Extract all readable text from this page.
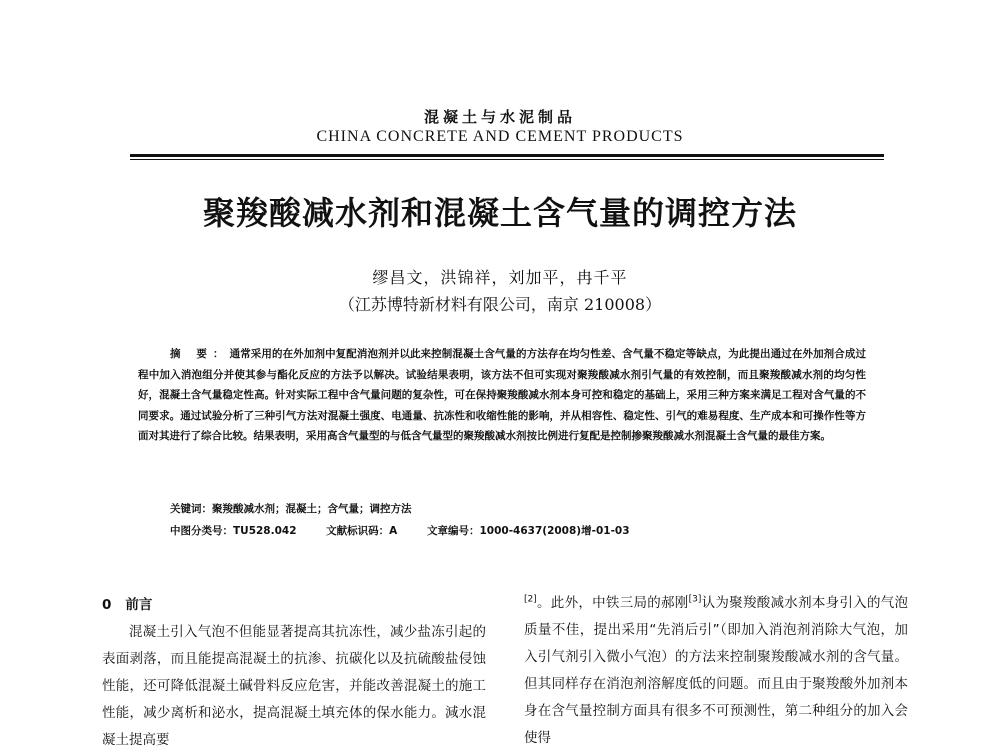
混凝土与水泥制品
CHINA CONCRETE AND CEMENT PRODUCTS
聚羧酸减水剂和混凝土含气量的调控方法
缪昌文，洪锦祥，刘加平，冉千平
（江苏博特新材料有限公司，南京 210008）
摘 要：通常采用的在外加剂中复配消泡剂并以此来控制混凝土含气量的方法存在均匀性差、含气量不稳定等缺点，为此提出通过在外加剂合成过程中加入消泡组分并使其参与酯化反应的方法予以解决。试验结果表明，该方法不但可实现对聚羧酸减水剂引气量的有效控制，而且聚羧酸减水剂的均匀性好，混凝土含气量稳定性高。针对实际工程中含气量问题的复杂性，可在保持聚羧酸减水剂本身可控和稳定的基础上，采用三种方案来满足工程对含气量的不同要求。通过试验分析了三种引气方法对混凝土强度、电通量、抗冻性和收缩性能的影响，并从相容性、稳定性、引气的难易程度、生产成本和可操作性等方面对其进行了综合比较。结果表明，采用高含气量型的与低含气量型的聚羧酸减水剂按比例进行复配是控制掺聚羧酸减水剂混凝土含气量的最佳方案。
关键词：聚羧酸减水剂；混凝土；含气量；调控方法
中图分类号：TU528.042	文献标识码：A	文章编号：1000-4637(2008)增-01-03
0 前言

混凝土引入气泡不但能显著提高其抗冻性，减少盐冻引起的表面剥落，而且能提高混凝土的抗渗、抗碳化以及抗硫酸盐侵蚀性能，还可降低混凝土碱骨料反应危害，并能改善混凝土的施工性能，减少离析和泌水，提高混凝土填充体的保水能力。減水混凝土提高要

[2]。此外，中铁三局的郝刚[3]认为聚羧酸减水剂本身引入的气泡质量不佳，提出采用“先消后引”（即加入消泡剂消除大气泡，加入引气剂引入微小气泡）的方法来控制聚羧酸减水剂的含气量。但其同样存在消泡剂溶解度低的问题。而且由于聚羧酸外加剂本身在含气量控制方面具有很多不可预测性，第二种组分的加入会使得
